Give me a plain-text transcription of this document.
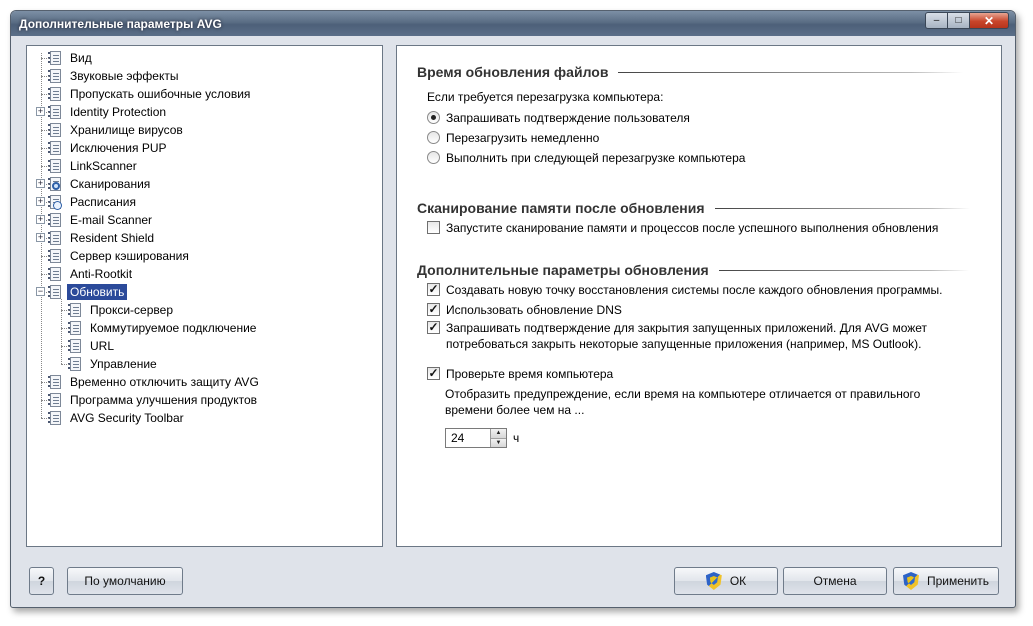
Дополнительные параметры AVG	–	□	✕
Вид
Звуковые эффекты
Пропускать ошибочные условия
Identity Protection
+
Хранилище вирусов
Исключения PUP
LinkScanner
Сканирования
+
Расписания
+
E-mail Scanner
+
Resident Shield
+
Сервер кэширования
Anti-Rootkit
Обновить
−
Прокси-сервер
Коммутируемое подключение
URL
Управление
Временно отключить защиту AVG
Программа улучшения продуктов
AVG Security Toolbar
Время обновления файлов
Если требуется перезагрузка компьютера:
Запрашивать подтверждение пользователя
Перезагрузить немедленно
Выполнить при следующей перезагрузке компьютера
Сканирование памяти после обновления
Запустите сканирование памяти и процессов после успешного выполнения обновления
Дополнительные параметры обновления
✓ Создавать новую точку восстановления системы после каждого обновления программы.
✓ Использовать обновление DNS
✓ Запрашивать подтверждение для закрытия запущенных приложений. Для AVG может потребоваться закрыть некоторые запущенные приложения (например, MS Outlook).
✓ Проверьте время компьютера
Отобразить предупреждение, если время на компьютере отличается от правильного времени более чем на ...
24
▲
▼ ч
?	По умолчанию	ОК	Отмена	Применить
